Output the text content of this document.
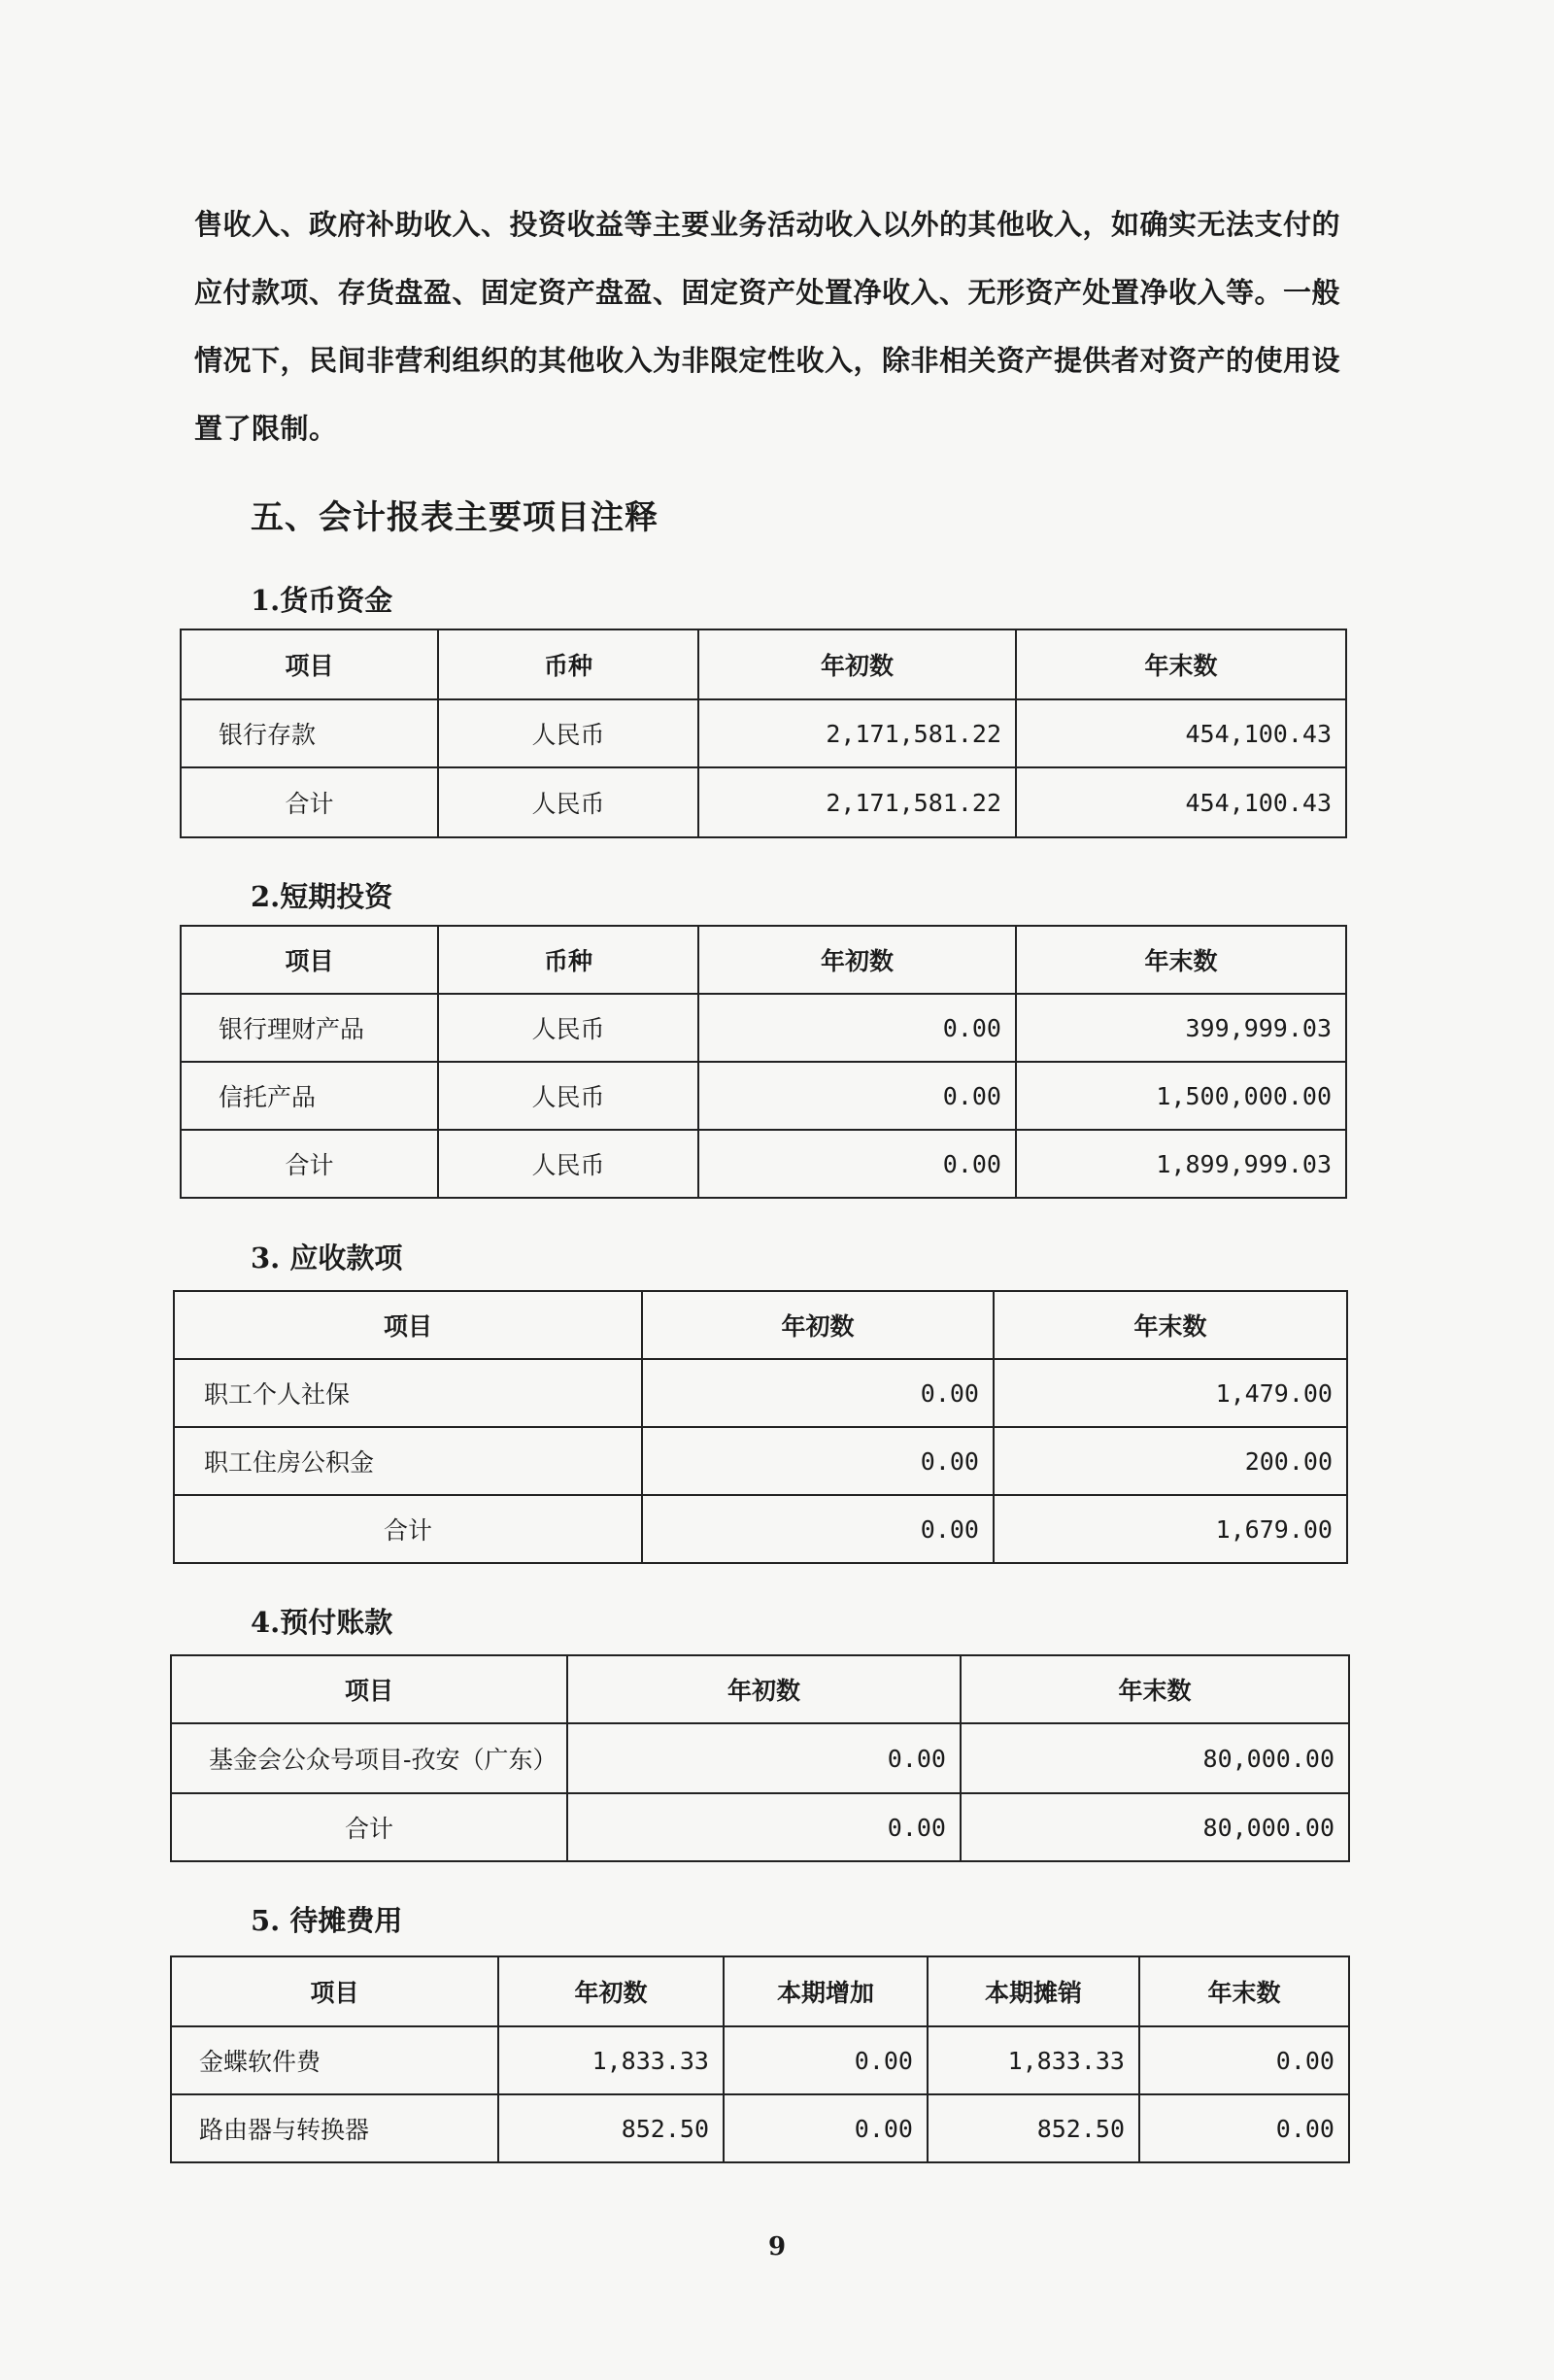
售收入、政府补助收入、投资收益等主要业务活动收入以外的其他收入，如确实无法支付的

应付款项、存货盘盈、固定资产盘盈、固定资产处置净收入、无形资产处置净收入等。一般

情况下，民间非营利组织的其他收入为非限定性收入，除非相关资产提供者对资产的使用设

置了限制。

五、会计报表主要项目注释
1.货币资金
项目	币种	年初数	年末数
银行存款	人民币	2,171,581.22	454,100.43
合计	人民币	2,171,581.22	454,100.43
2.短期投资
项目	币种	年初数	年末数
银行理财产品	人民币	0.00	399,999.03
信托产品	人民币	0.00	1,500,000.00
合计	人民币	0.00	1,899,999.03
3. 应收款项
项目	年初数	年末数
职工个人社保	0.00	1,479.00
职工住房公积金	0.00	200.00
合计	0.00	1,679.00
4.预付账款
项目	年初数	年末数
基金会公众号项目-孜安（广东）	0.00	80,000.00
合计	0.00	80,000.00
5. 待摊费用
项目	年初数	本期增加	本期摊销	年末数
金蝶软件费	1,833.33	0.00	1,833.33	0.00
路由器与转换器	852.50	0.00	852.50	0.00
9
